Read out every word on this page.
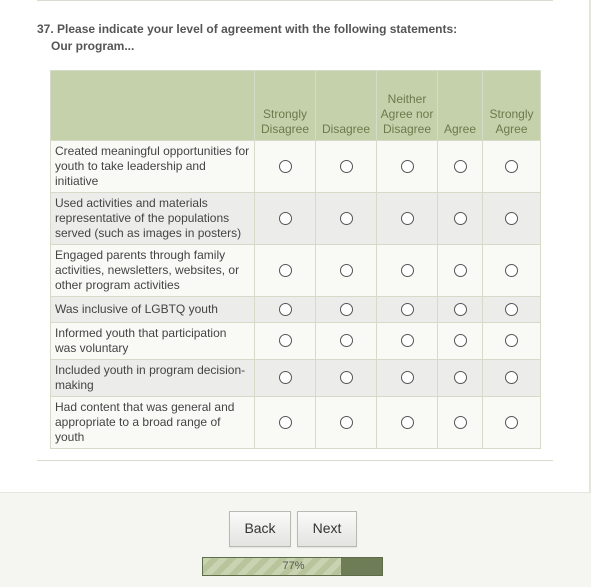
37. Please indicate your level of agreement with the following statements:
Our program...
	Strongly Disagree	Disagree	Neither Agree nor Disagree	Agree	Strongly Agree
Created meaningful opportunities for youth to take leadership and initiative					
Used activities and materials representative of the populations served (such as images in posters)					
Engaged parents through family activities, newsletters, websites, or other program activities					
Was inclusive of LGBTQ youth					
Informed youth that participation was voluntary					
Included youth in program decision-making					
Had content that was general and appropriate to a broad range of youth					
Back	Next
77%
